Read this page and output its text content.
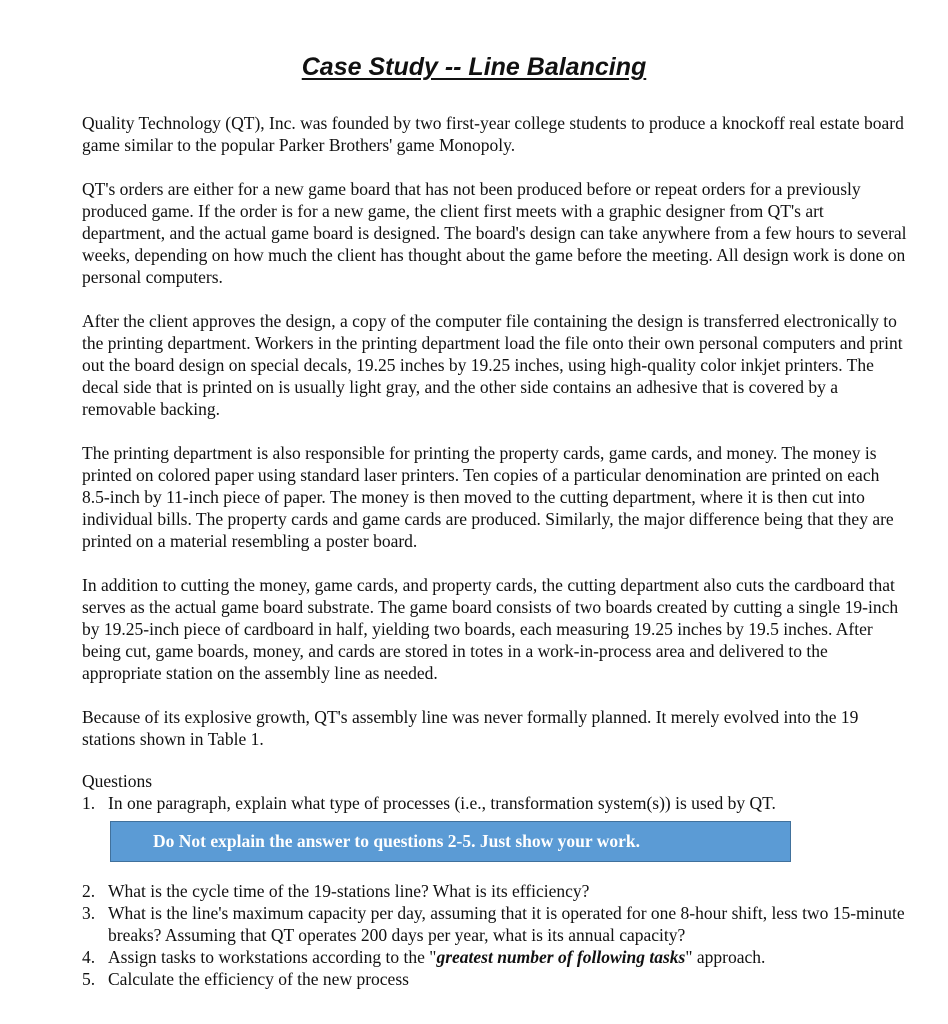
Case Study -- Line Balancing

Quality Technology (QT), Inc. was founded by two first-year college students to produce a knockoff real estate board game similar to the popular Parker Brothers' game Monopoly.

QT's orders are either for a new game board that has not been produced before or repeat orders for a previously produced game. If the order is for a new game, the client first meets with a graphic designer from QT's art department, and the actual game board is designed. The board's design can take anywhere from a few hours to several weeks, depending on how much the client has thought about the game before the meeting. All design work is done on personal computers.

After the client approves the design, a copy of the computer file containing the design is transferred electronically to the printing department. Workers in the printing department load the file onto their own personal computers and print out the board design on special decals, 19.25 inches by 19.25 inches, using high-quality color inkjet printers. The decal side that is printed on is usually light gray, and the other side contains an adhesive that is covered by a removable backing.

The printing department is also responsible for printing the property cards, game cards, and money. The money is printed on colored paper using standard laser printers. Ten copies of a particular denomination are printed on each 8.5-inch by 11-inch piece of paper. The money is then moved to the cutting department, where it is then cut into individual bills. The property cards and game cards are produced. Similarly, the major difference being that they are printed on a material resembling a poster board.

In addition to cutting the money, game cards, and property cards, the cutting department also cuts the cardboard that serves as the actual game board substrate. The game board consists of two boards created by cutting a single 19-inch by 19.25-inch piece of cardboard in half, yielding two boards, each measuring 19.25 inches by 19.5 inches. After being cut, game boards, money, and cards are stored in totes in a work-in-process area and delivered to the appropriate station on the assembly line as needed.

Because of its explosive growth, QT's assembly line was never formally planned. It merely evolved into the 19 stations shown in Table 1.

Questions

1. In one paragraph, explain what type of processes (i.e., transformation system(s)) is used by QT.
Do Not explain the answer to questions 2-5. Just show your work.
2. What is the cycle time of the 19-stations line? What is its efficiency?
3. What is the line's maximum capacity per day, assuming that it is operated for one 8-hour shift, less two 15-minute breaks? Assuming that QT operates 200 days per year, what is its annual capacity?
4. Assign tasks to workstations according to the "greatest number of following tasks" approach.
5. Calculate the efficiency of the new process
